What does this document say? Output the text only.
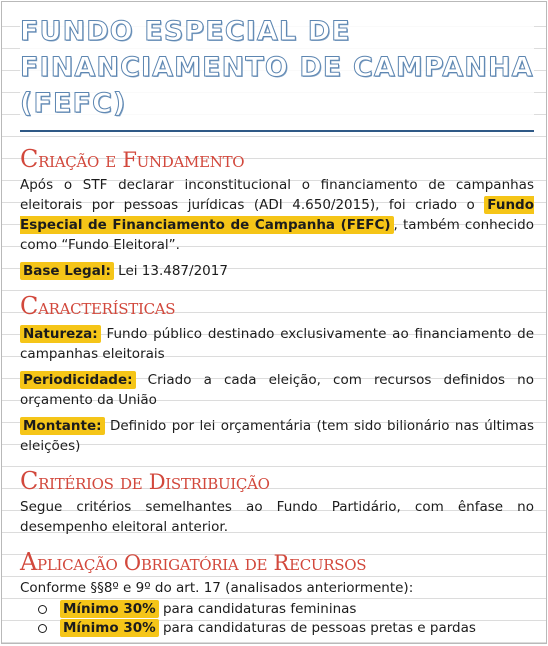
FUNDO ESPECIAL DE FINANCIAMENTO DE CAMPANHA (FEFC)
Criação e Fundamento

Após o STF declarar inconstitucional o financiamento de campanhas eleitorais por pessoas jurídicas (ADI 4.650/2015), foi criado o Fundo Especial de Financiamento de Campanha (FEFC) , também conhecido como “Fundo Eleitoral”.

Base Legal: Lei 13.487/2017
Características
Natureza: Fundo público destinado exclusivamente ao financiamento de campanhas eleitorais
Periodicidade: Criado a cada eleição, com recursos definidos no orçamento da União
Montante: Definido por lei orçamentária (tem sido bilionário nas últimas eleições)
Critérios de Distribuição

Segue critérios semelhantes ao Fundo Partidário, com ênfase no desempenho eleitoral anterior.

Aplicação Obrigatória de Recursos

Conforme §§8º e 9º do art. 17 (analisados anteriormente):

Mínimo 30% para candidaturas femininas
Mínimo 30% para candidaturas de pessoas pretas e pardas
